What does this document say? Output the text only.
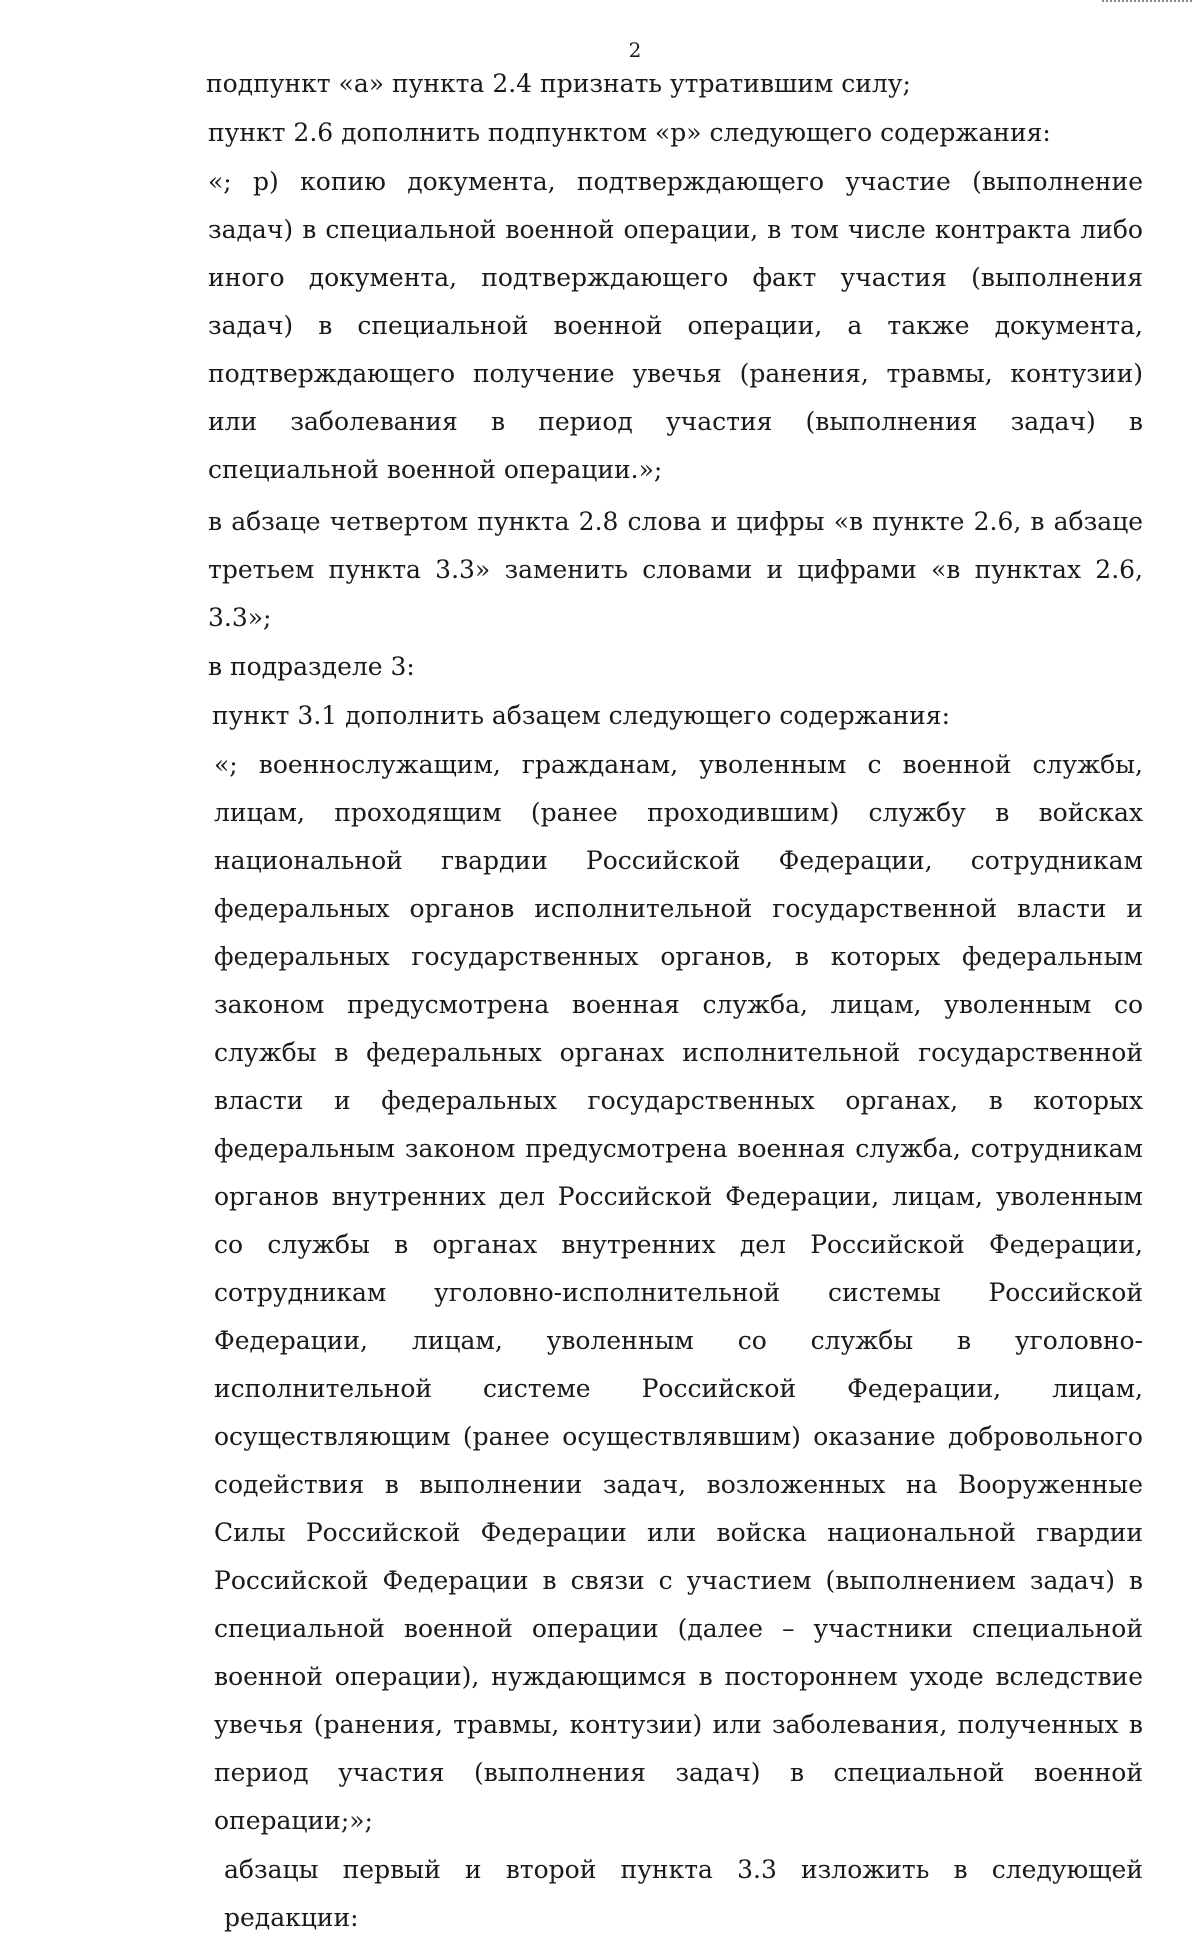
2

подпункт «а» пункта 2.4 признать утратившим силу;

пункт 2.6 дополнить подпунктом «р» следующего содержания:

«; р) копию документа, подтверждающего участие (выполнение задач) в специальной военной операции, в том числе контракта либо иного документа, подтверждающего факт участия (выполнения задач) в специальной военной операции, а также документа, подтверждающего получение увечья (ранения, травмы, контузии) или заболевания в период участия (выполнения задач) в специальной военной операции.»;

в абзаце четвертом пункта 2.8 слова и цифры «в пункте 2.6, в абзаце третьем пункта 3.3» заменить словами и цифрами «в пунктах 2.6, 3.3»;

в подразделе 3:

пункт 3.1 дополнить абзацем следующего содержания:

«; военнослужащим, гражданам, уволенным с военной службы, лицам, проходящим (ранее проходившим) службу в войсках национальной гвардии Российской Федерации, сотрудникам федеральных органов исполнительной государственной власти и федеральных государственных органов, в которых федеральным законом предусмотрена военная служба, лицам, уволенным со службы в федеральных органах исполнительной государственной власти и федеральных государственных органах, в которых федеральным законом предусмотрена военная служба, сотрудникам органов внутренних дел Российской Федерации, лицам, уволенным со службы в органах внутренних дел Российской Федерации, сотрудникам уголовно-исполнительной системы Российской Федерации, лицам, уволенным со службы в уголовно-исполнительной системе Российской Федерации, лицам, осуществляющим (ранее осуществлявшим) оказание добровольного содействия в выполнении задач, возложенных на Вооруженные Силы Российской Федерации или войска национальной гвардии Российской Федерации в связи с участием (выполнением задач) в специальной военной операции (далее – участники специальной военной операции), нуждающимся в постороннем уходе вследствие увечья (ранения, травмы, контузии) или заболевания, полученных в период участия (выполнения задач) в специальной военной операции;»;

абзацы первый и второй пункта 3.3 изложить в следующей редакции:
